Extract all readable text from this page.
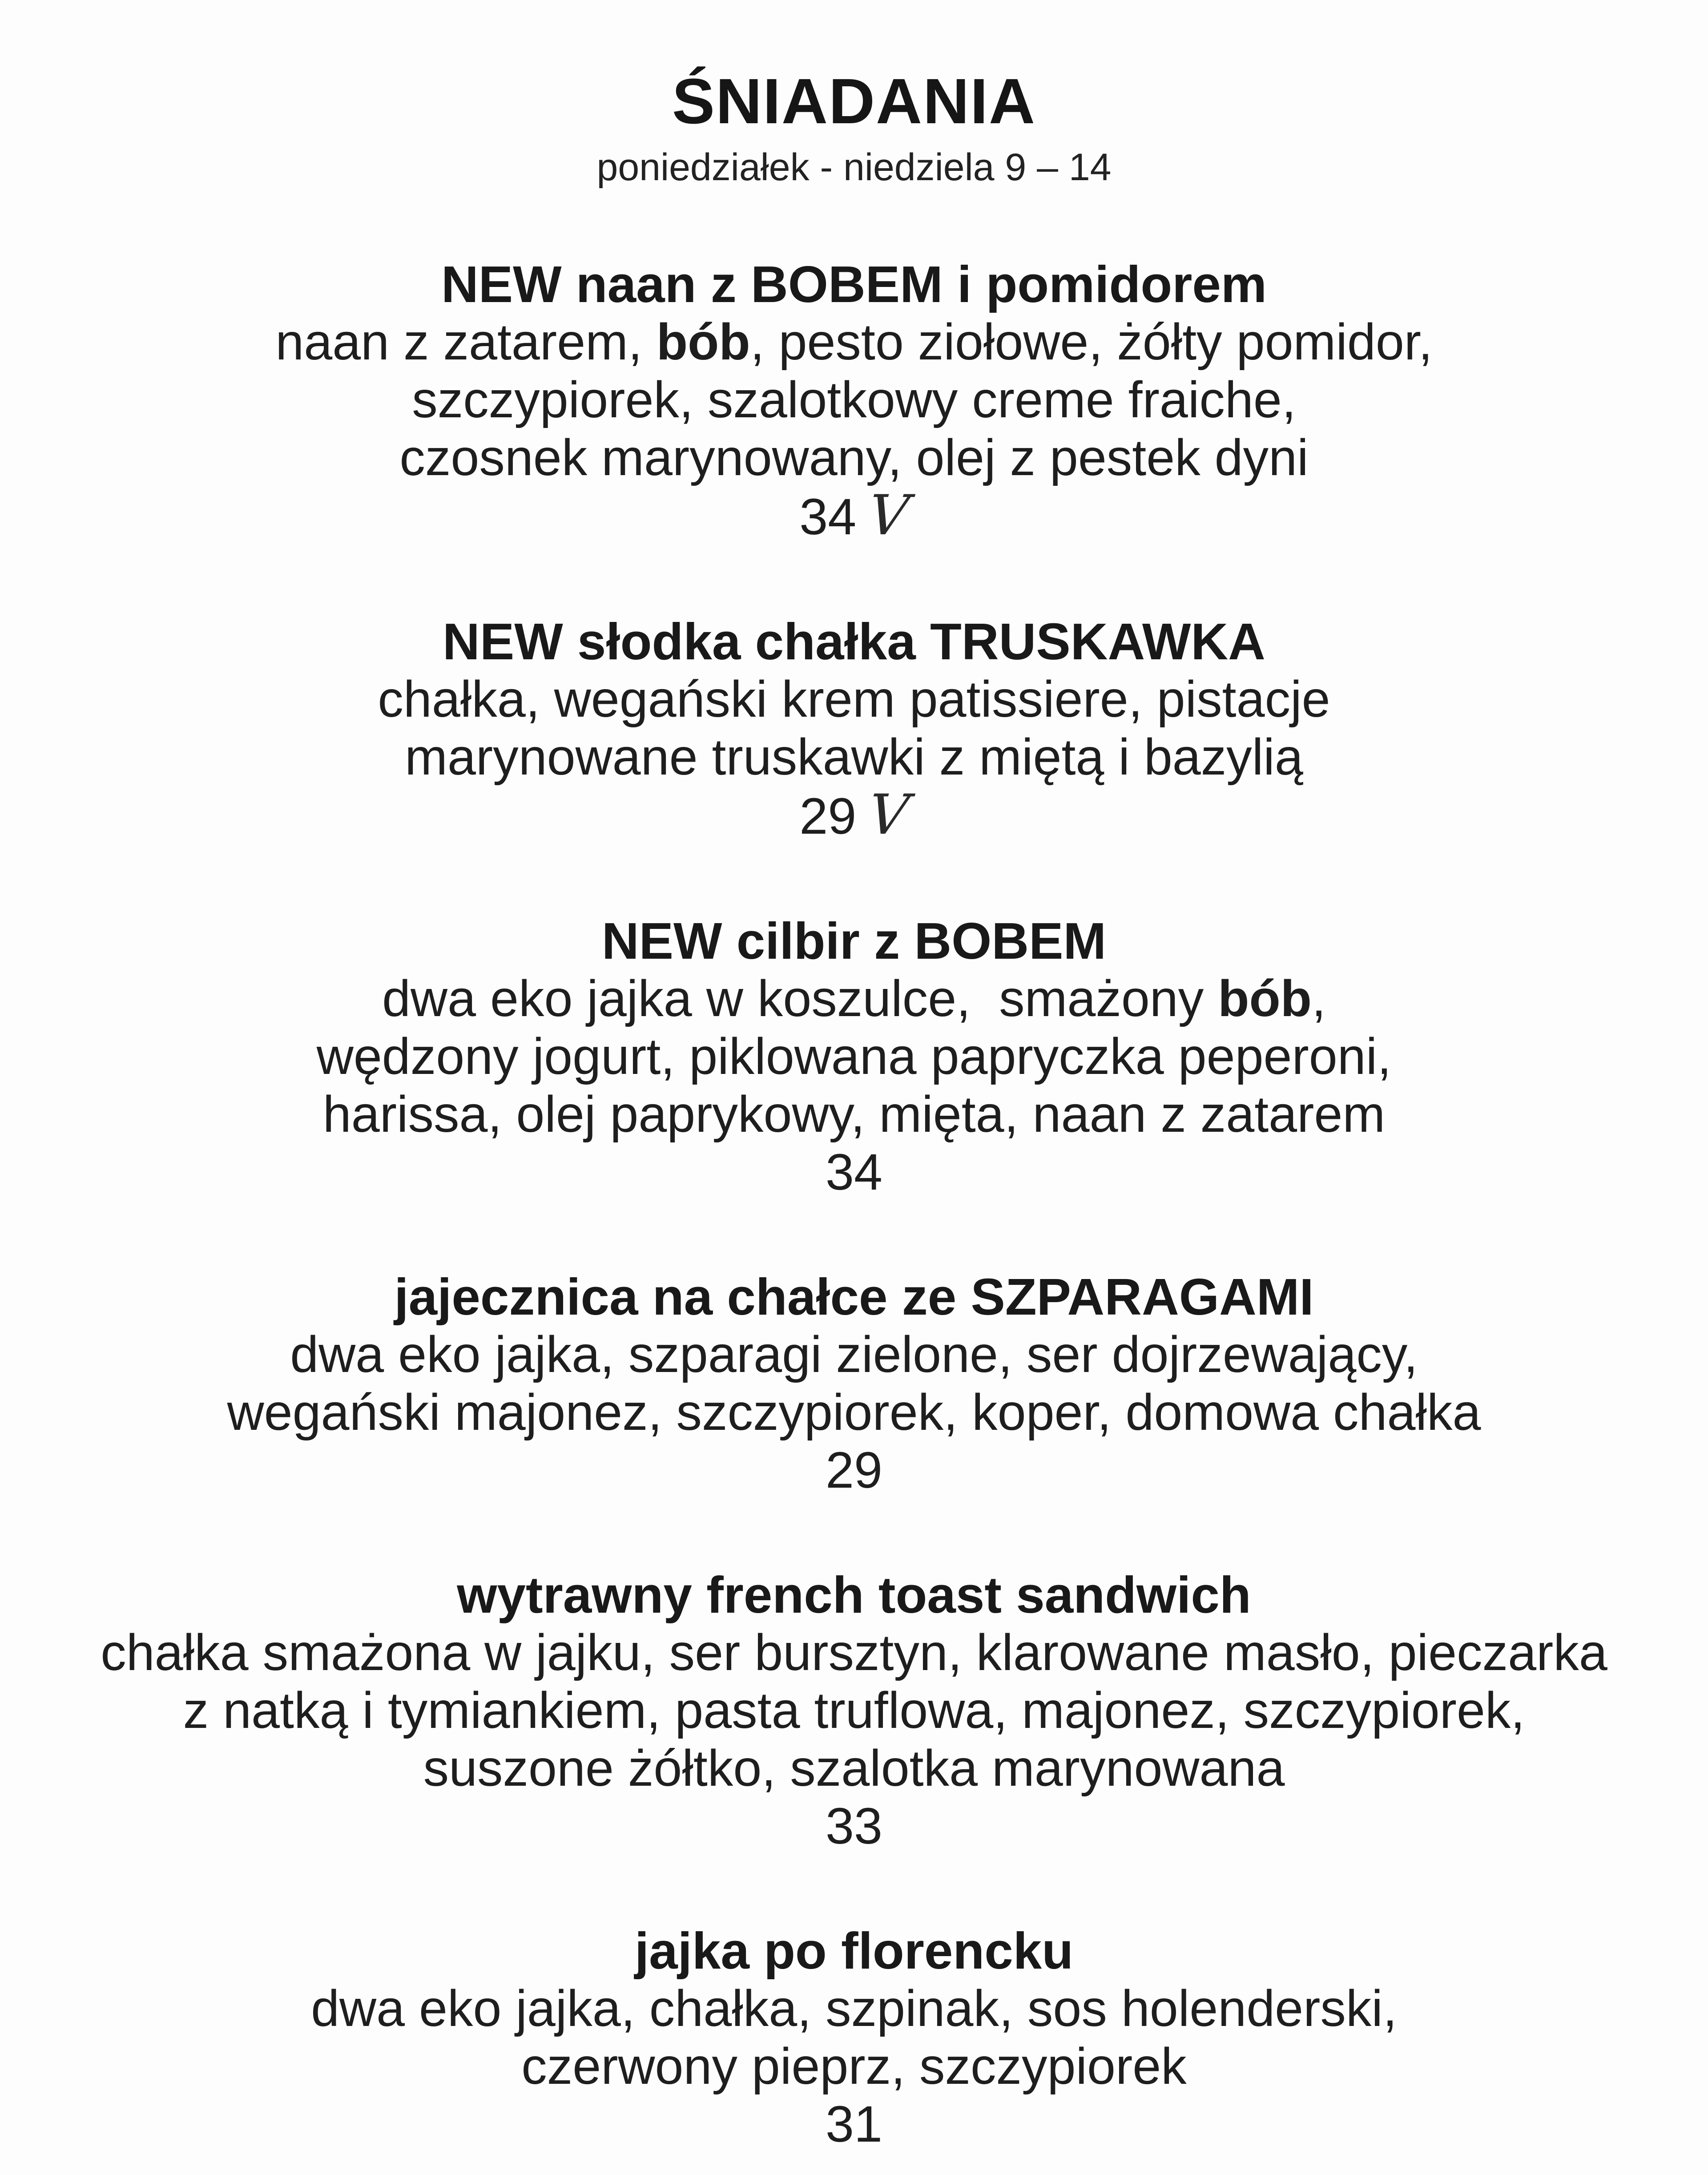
ŚNIADANIA
poniedziałek - niedziela 9 – 14
NEW naan z BOBEM i pomidorem

naan z zatarem, bób, pesto ziołowe, żółty pomidor,

szczypiorek, szalotkowy creme fraiche,

czosnek marynowany, olej z pestek dyni

34 V

NEW słodka chałka TRUSKAWKA

chałka, wegański krem patissiere, pistacje

marynowane truskawki z miętą i bazylią

29 V

NEW cilbir z BOBEM

dwa eko jajka w koszulce,  smażony bób,

wędzony jogurt, piklowana papryczka peperoni,

harissa, olej paprykowy, mięta, naan z zatarem

34

jajecznica na chałce ze SZPARAGAMI

dwa eko jajka, szparagi zielone, ser dojrzewający,

wegański majonez, szczypiorek, koper, domowa chałka

29

wytrawny french toast sandwich

chałka smażona w jajku, ser bursztyn, klarowane masło, pieczarka

z natką i tymiankiem, pasta truflowa, majonez, szczypiorek,

suszone żółtko, szalotka marynowana

33

jajka po florencku

dwa eko jajka, chałka, szpinak, sos holenderski,

czerwony pieprz, szczypiorek

31
